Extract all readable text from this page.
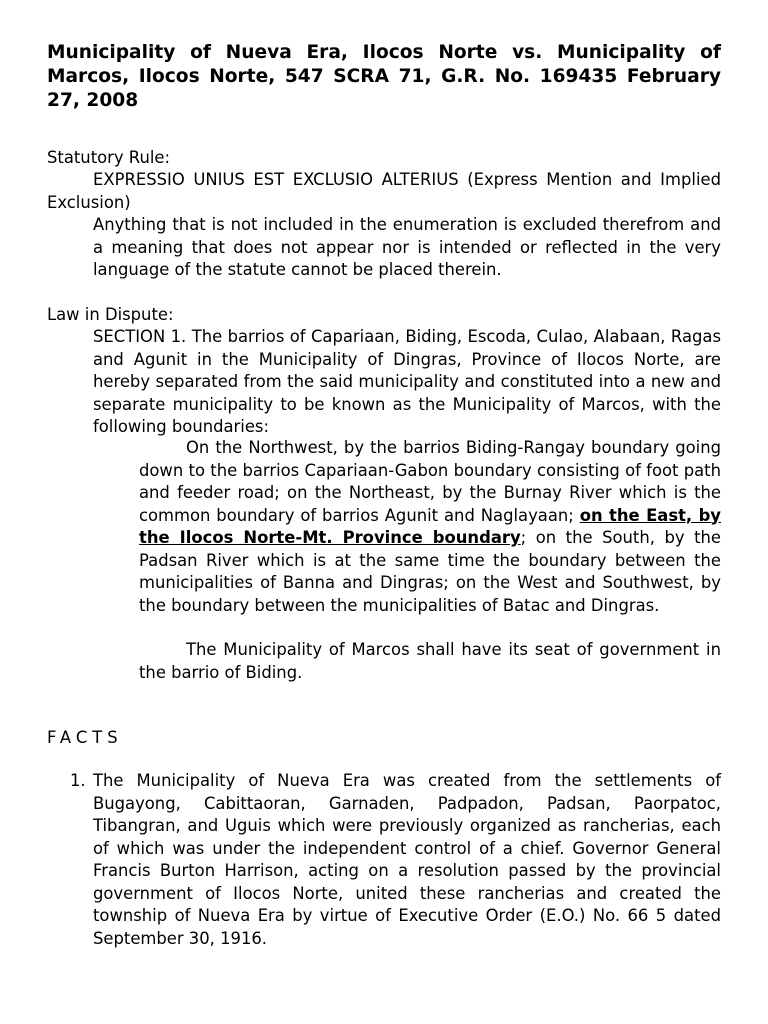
Municipality of Nueva Era, Ilocos Norte vs. Municipality of Marcos, Ilocos Norte, 547 SCRA 71, G.R. No. 169435 February 27, 2008

Statutory Rule:

EXPRESSIO UNIUS EST EXCLUSIO ALTERIUS (Express Mention and Implied Exclusion)

Anything that is not included in the enumeration is excluded therefrom and a meaning that does not appear nor is intended or reflected in the very language of the statute cannot be placed therein.

Law in Dispute:

SECTION 1. The barrios of Capariaan, Biding, Escoda, Culao, Alabaan, Ragas and Agunit in the Municipality of Dingras, Province of Ilocos Norte, are hereby separated from the said municipality and constituted into a new and separate municipality to be known as the Municipality of Marcos, with the following boundaries:

On the Northwest, by the barrios Biding-Rangay boundary going down to the barrios Capariaan-Gabon boundary consisting of foot path and feeder road; on the Northeast, by the Burnay River which is the common boundary of barrios Agunit and Naglayaan; on the East, by the Ilocos Norte-Mt. Province boundary; on the South, by the Padsan River which is at the same time the boundary between the municipalities of Banna and Dingras; on the West and Southwest, by the boundary between the municipalities of Batac and Dingras.

The Municipality of Marcos shall have its seat of government in the barrio of Biding.

FACTS

1. The Municipality of Nueva Era was created from the settlements of Bugayong, Cabittaoran, Garnaden, Padpadon, Padsan, Paorpatoc, Tibangran, and Uguis which were previously organized as rancherias, each of which was under the independent control of a chief. Governor General Francis Burton Harrison, acting on a resolution passed by the provincial government of Ilocos Norte, united these rancherias and created the township of Nueva Era by virtue of Executive Order (E.O.) No. 66 5 dated September 30, 1916.
